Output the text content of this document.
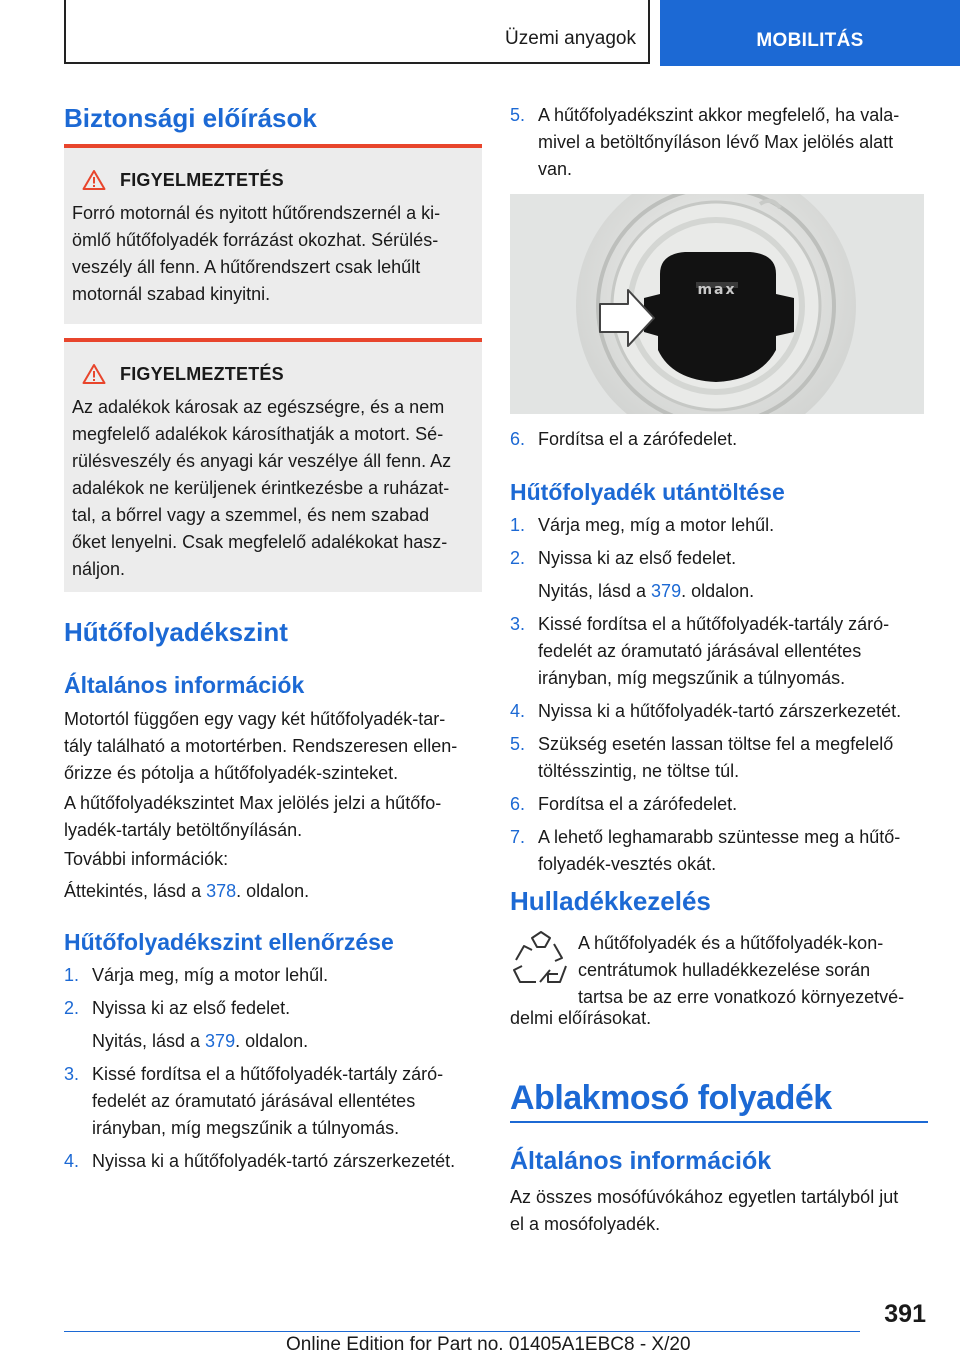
Üzemi anyagok	MOBILITÁS
Biztonsági előírások
FIGYELMEZTETÉS
Forró motornál és nyitott hűtőrendszernél a ki-
ömlő hűtőfolyadék forrázást okozhat. Sérülés-
veszély áll fenn. A hűtőrendszert csak lehűlt
motornál szabad kinyitni.
FIGYELMEZTETÉS
Az adalékok károsak az egészségre, és a nem
megfelelő adalékok károsíthatják a motort. Sé-
rülésveszély és anyagi kár veszélye áll fenn. Az
adalékok ne kerüljenek érintkezésbe a ruházat-
tal, a bőrrel vagy a szemmel, és nem szabad
őket lenyelni. Csak megfelelő adalékokat hasz-
náljon.
Hűtőfolyadékszint
Általános információk

Motortól függően egy vagy két hűtőfolyadék-tar-
tály található a motortérben. Rendszeresen ellen-
őrizze és pótolja a hűtőfolyadék-szinteket.

A hűtőfolyadékszintet Max jelölés jelzi a hűtőfo-
lyadék-tartály betöltőnyílásán.

További információk:

Áttekintés, lásd a 378. oldalon.

Hűtőfolyadékszint ellenőrzése
1. Várja meg, míg a motor lehűl.
2. Nyissa ki az első fedelet.
Nyitás, lásd a 379. oldalon.
3. Kissé fordítsa el a hűtőfolyadék-tartály záró-
fedelét az óramutató járásával ellentétes
irányban, míg megszűnik a túlnyomás.
4. Nyissa ki a hűtőfolyadék-tartó zárszerkezetét.
5. A hűtőfolyadékszint akkor megfelelő, ha vala-
mivel a betöltőnyíláson lévő Max jelölés alatt
van.
max
6. Fordítsa el a zárófedelet.
Hűtőfolyadék utántöltése
1. Várja meg, míg a motor lehűl.
2. Nyissa ki az első fedelet.
Nyitás, lásd a 379. oldalon.
3. Kissé fordítsa el a hűtőfolyadék-tartály záró-
fedelét az óramutató járásával ellentétes
irányban, míg megszűnik a túlnyomás.
4. Nyissa ki a hűtőfolyadék-tartó zárszerkezetét.
5. Szükség esetén lassan töltse fel a megfelelő
töltésszintig, ne töltse túl.
6. Fordítsa el a zárófedelet.
7. A lehető leghamarabb szüntesse meg a hűtő-
folyadék-vesztés okát.
Hulladékkezelés

A hűtőfolyadék és a hűtőfolyadék-kon-
centrátumok hulladékkezelése során
tartsa be az erre vonatkozó környezetvé-

delmi előírásokat.

Ablakmosó folyadék
Általános információk

Az összes mosófúvókához egyetlen tartályból jut
el a mosófolyadék.

391
Online Edition for Part no. 01405A1EBC8 - X/20
